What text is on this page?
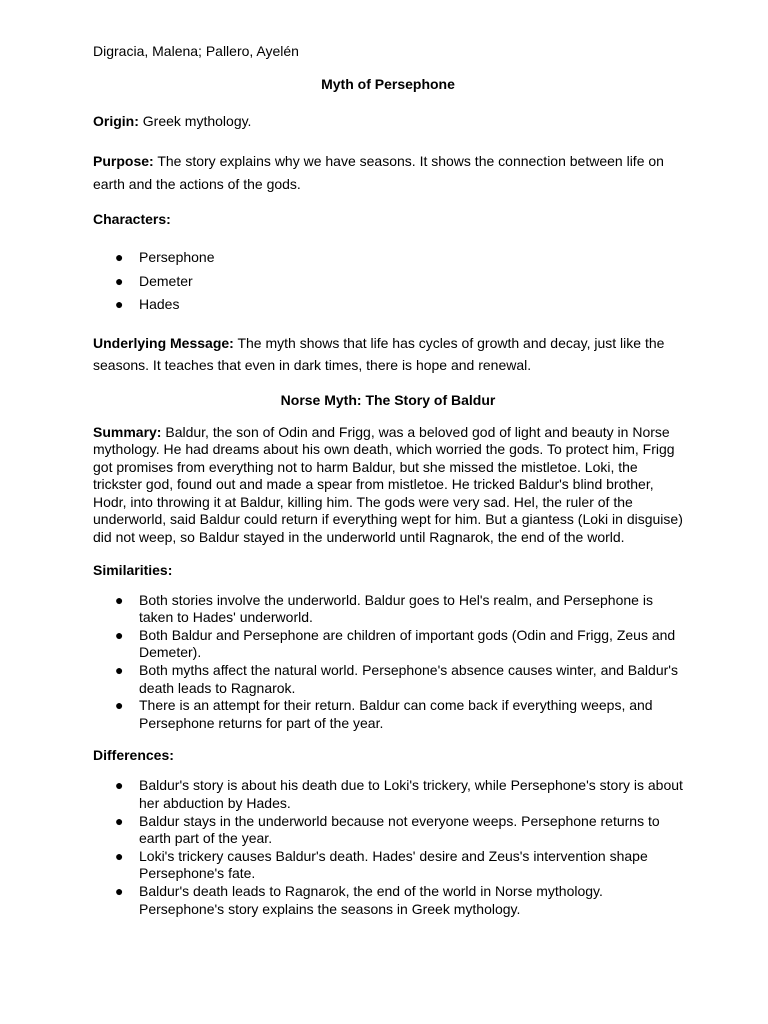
Digracia, Malena; Pallero, Ayelén
Myth of Persephone
Origin: Greek mythology.
Purpose: The story explains why we have seasons. It shows the connection between life on earth and the actions of the gods.
Characters:
● Persephone
● Demeter
● Hades
Underlying Message: The myth shows that life has cycles of growth and decay, just like the seasons. It teaches that even in dark times, there is hope and renewal.
Norse Myth: The Story of Baldur
Summary: Baldur, the son of Odin and Frigg, was a beloved god of light and beauty in Norse mythology. He had dreams about his own death, which worried the gods. To protect him, Frigg got promises from everything not to harm Baldur, but she missed the mistletoe. Loki, the trickster god, found out and made a spear from mistletoe. He tricked Baldur's blind brother, Hodr, into throwing it at Baldur, killing him. The gods were very sad. Hel, the ruler of the underworld, said Baldur could return if everything wept for him. But a giantess (Loki in disguise) did not weep, so Baldur stayed in the underworld until Ragnarok, the end of the world.
Similarities:
● Both stories involve the underworld. Baldur goes to Hel's realm, and Persephone is taken to Hades' underworld.
● Both Baldur and Persephone are children of important gods (Odin and Frigg, Zeus and Demeter).
● Both myths affect the natural world. Persephone's absence causes winter, and Baldur's death leads to Ragnarok.
● There is an attempt for their return. Baldur can come back if everything weeps, and Persephone returns for part of the year.
Differences:
● Baldur's story is about his death due to Loki's trickery, while Persephone's story is about her abduction by Hades.
● Baldur stays in the underworld because not everyone weeps. Persephone returns to earth part of the year.
● Loki's trickery causes Baldur's death. Hades' desire and Zeus's intervention shape Persephone's fate.
● Baldur's death leads to Ragnarok, the end of the world in Norse mythology. Persephone's story explains the seasons in Greek mythology.
